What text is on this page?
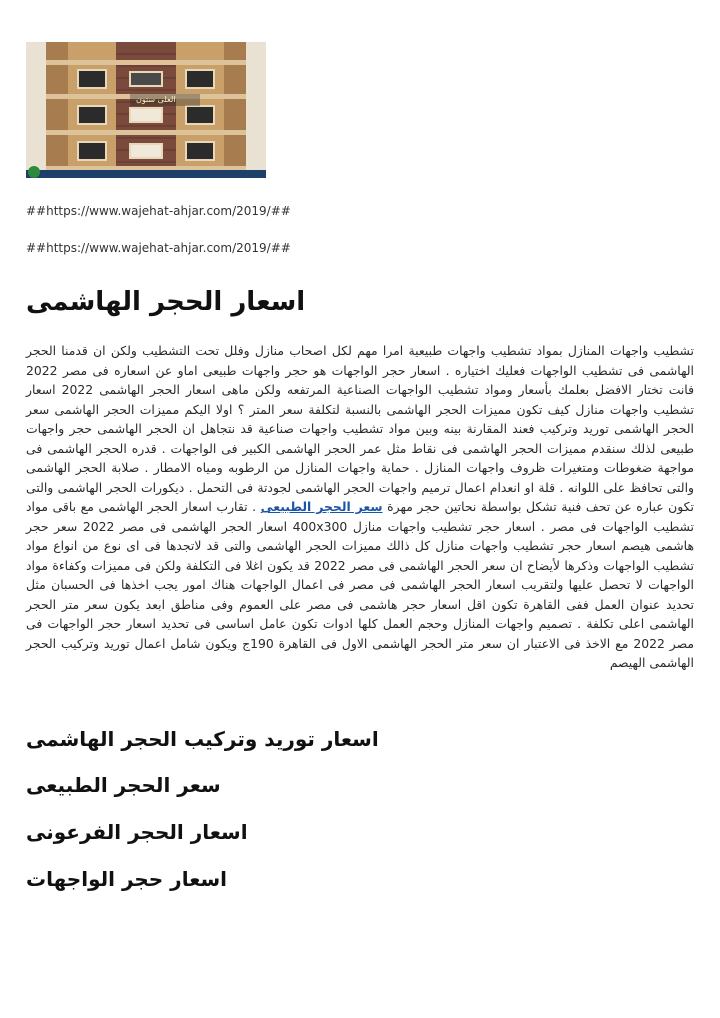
العلى ستون
##https://www.wajehat-ahjar.com/2019/##
##https://www.wajehat-ahjar.com/2019/##
اسعار الحجر الهاشمى

تشطيب واجهات المنازل بمواد تشطيب واجهات طبيعية امرا مهم لكل اصحاب منازل وفلل تحت التشطيب ولكن ان قدمنا الحجر الهاشمى فى تشطيب الواجهات فعليك اختياره . اسعار حجر الواجهات هو حجر واجهات طبيعى اماو عن اسعاره فى مصر 2022 فانت تختار الافضل بعلمك بأسعار ومواد تشطيب الواجهات الصناعية المرتفعه ولكن ماهى اسعار الحجر الهاشمى 2022 اسعار تشطيب واجهات منازل كيف تكون مميزات الحجر الهاشمى بالنسبة لتكلفة سعر المتر ؟ اولا اليكم مميزات الحجر الهاشمى سعر الحجر الهاشمى توريد وتركيب فعند المقارنة بينه وبين مواد تشطيب واجهات صناعية قد نتجاهل ان الحجر الهاشمى حجر واجهات طبيعى لذلك سنقدم مميزات الحجر الهاشمى فى نقاط مثل عمر الحجر الهاشمى الكبير فى الواجهات . قدره الحجر الهاشمى فى مواجهة ضغوطات ومتغيرات ظروف واجهات المنازل . حماية واجهات المنازل من الرطوبه ومياه الامطار . صلابة الحجر الهاشمى والتى تحافظ على اللوانه . قلة او انعدام اعمال ترميم واجهات الحجر الهاشمى لجودتة فى التحمل . ديكورات الحجر الهاشمى والتى تكون عباره عن تحف فنية تشكل بواسطة نحاتين حجر مهرة سعر الحجر الطبيعى . تقارب اسعار الحجر الهاشمى مع باقى مواد تشطيب الواجهات فى مصر . اسعار حجر تشطيب واجهات منازل 400x300 اسعار الحجر الهاشمى فى مصر 2022 سعر حجر هاشمى هيصم اسعار حجر تشطيب واجهات منازل كل ذالك مميزات الحجر الهاشمى والتى قد لاتجدها فى اى نوع من انواع مواد تشطيب الواجهات وذكرها لأيضاح ان سعر الحجر الهاشمى فى مصر 2022 قد يكون اغلا فى التكلفة ولكن فى مميزات وكفاءة مواد الواجهات لا تحصل عليها ولتقريب اسعار الحجر الهاشمى فى مصر فى اعمال الواجهات هناك امور يجب اخذها فى الحسبان مثل تحديد عنوان العمل ففى القاهرة تكون اقل اسعار حجر هاشمى فى مصر على العموم وفى مناطق ابعد يكون سعر متر الحجر الهاشمى اعلى تكلفة . تصميم واجهات المنازل وحجم العمل كلها ادوات تكون عامل اساسى فى تحديد اسعار حجر الواجهات فى مصر 2022 مع الاخذ فى الاعتبار ان سعر متر الحجر الهاشمى الاول فى القاهرة 190ج ويكون شامل اعمال توريد وتركيب الحجر الهاشمى الهيصم

اسعار توريد وتركيب الحجر الهاشمى
سعر الحجر الطبيعى
اسعار الحجر الفرعونى
اسعار حجر الواجهات
